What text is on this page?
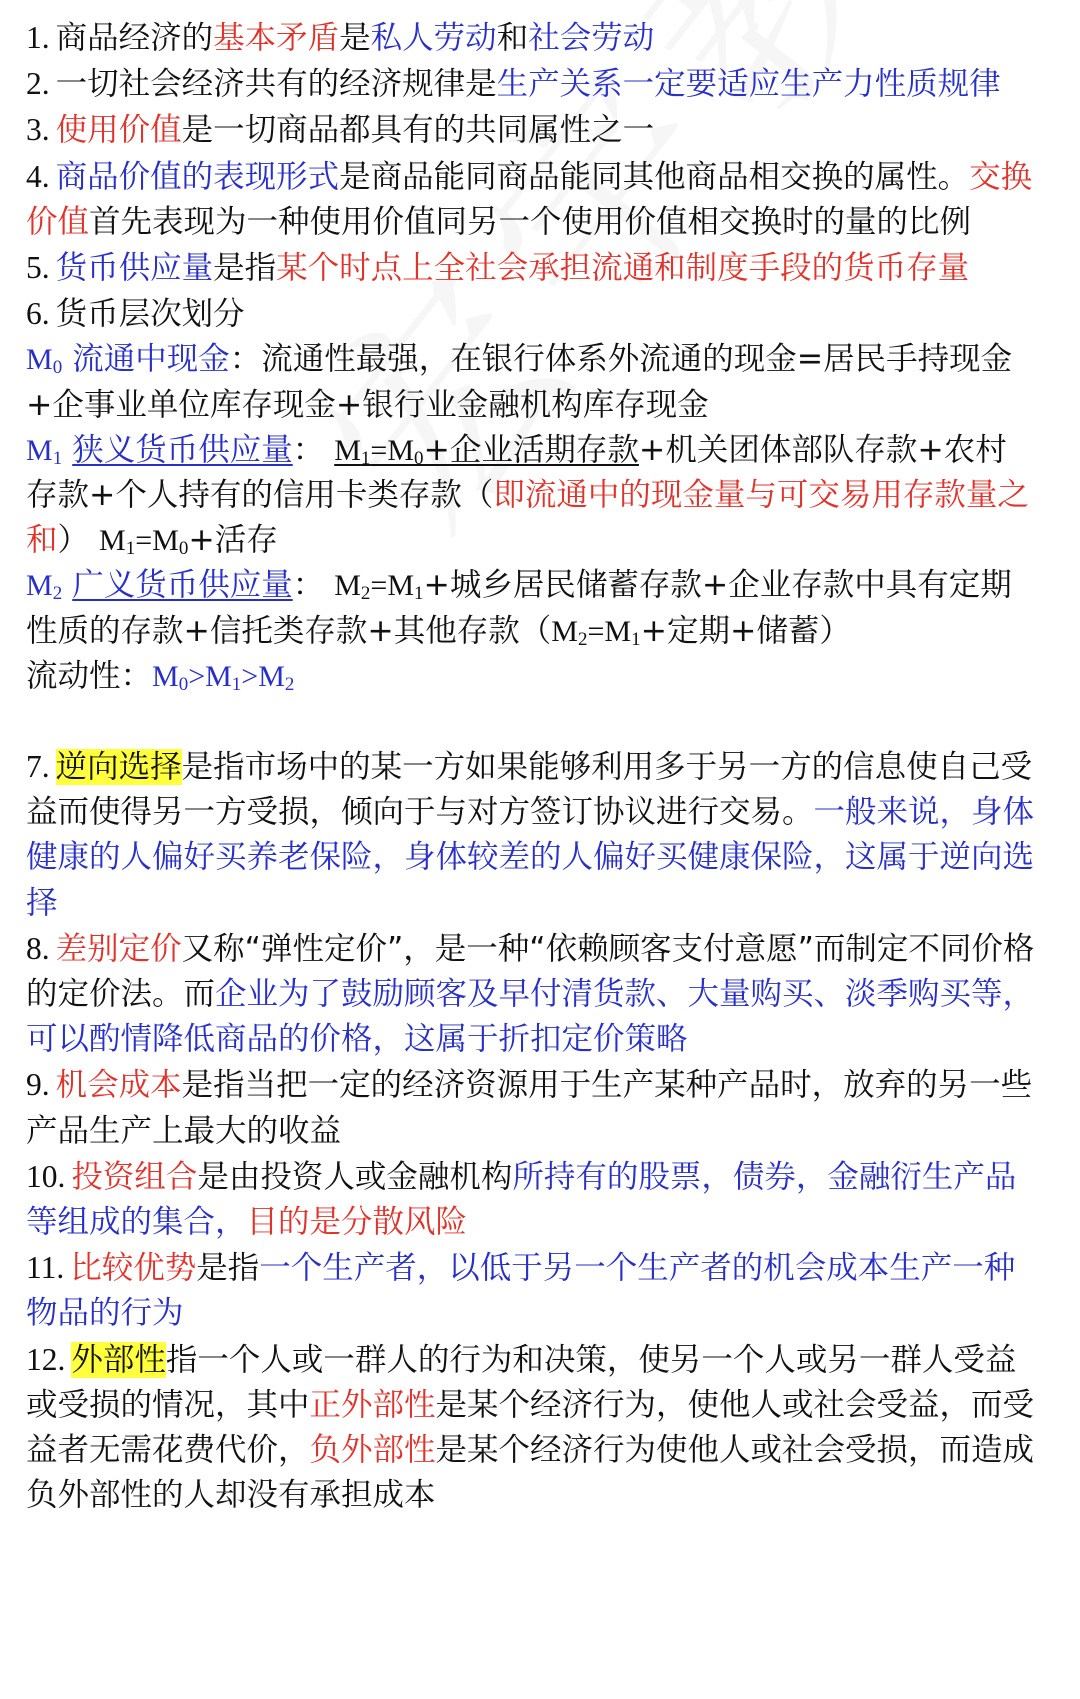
1. 商品经济的基本矛盾是私人劳动和社会劳动

2. 一切社会经济共有的经济规律是生产关系一定要适应生产力性质规律

3. 使用价值是一切商品都具有的共同属性之一

4. 商品价值的表现形式是商品能同商品能同其他商品相交换的属性。交换价值首先表现为一种使用价值同另一个使用价值相交换时的量的比例

5. 货币供应量是指某个时点上全社会承担流通和制度手段的货币存量

6. 货币层次划分

$M_0$ 流通中现金：流通性最强，在银行体系外流通的现金=居民手持现金+企事业单位库存现金+银行业金融机构库存现金

$M_1$ 狭义货币供应量： $M_1=M_0+$企业活期存款+机关团体部队存款+农村存款+个人持有的信用卡类存款（即流通中的现金量与可交易用存款量之和） $M_1=M_0+$活存

$M_2$ 广义货币供应量： $M_2=M_1+$城乡居民储蓄存款+企业存款中具有定期性质的存款+信托类存款+其他存款（$M_2=M_1+$定期+储蓄）

流动性：$M_0>M_1>M_2$

7. 逆向选择是指市场中的某一方如果能够利用多于另一方的信息使自己受益而使得另一方受损，倾向于与对方签订协议进行交易。一般来说，身体健康的人偏好买养老保险，身体较差的人偏好买健康保险，这属于逆向选择

8. 差别定价又称“弹性定价”，是一种“依赖顾客支付意愿”而制定不同价格的定价法。而企业为了鼓励顾客及早付清货款、大量购买、淡季购买等，可以酌情降低商品的价格，这属于折扣定价策略

9. 机会成本是指当把一定的经济资源用于生产某种产品时，放弃的另一些产品生产上最大的收益

10. 投资组合是由投资人或金融机构所持有的股票，债券，金融衍生产品等组成的集合，目的是分散风险

11. 比较优势是指一个生产者，以低于另一个生产者的机会成本生产一种物品的行为

12. 外部性指一个人或一群人的行为和决策，使另一个人或另一群人受益或受损的情况，其中正外部性是某个经济行为，使他人或社会受益，而受益者无需花费代价，负外部性是某个经济行为使他人或社会受损，而造成负外部性的人却没有承担成本
